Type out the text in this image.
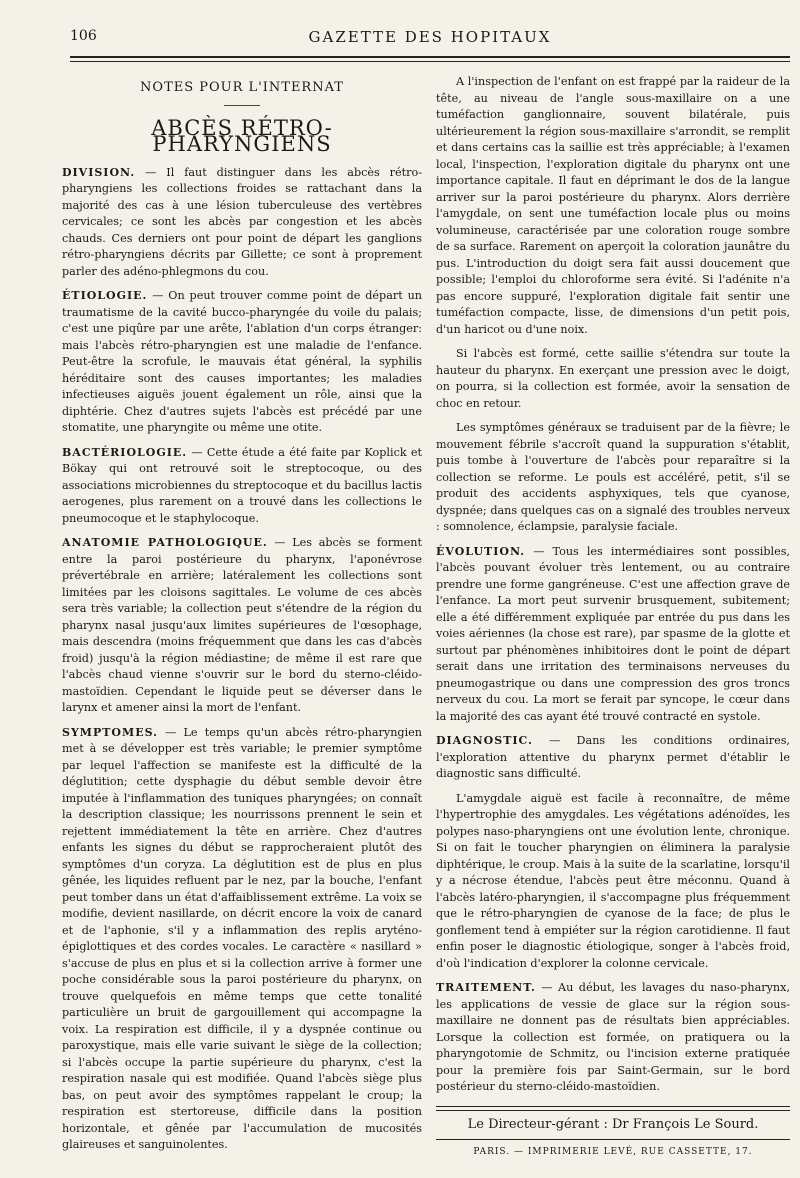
106	GAZETTE DES HOPITAUX
NOTES POUR L'INTERNAT
ABCÈS RÉTRO-PHARYNGIENS

DIVISION. — Il faut distinguer dans les abcès rétro-pharyngiens les collections froides se rattachant dans la majorité des cas à une lésion tuberculeuse des vertèbres cervicales; ce sont les abcès par congestion et les abcès chauds. Ces derniers ont pour point de départ les ganglions rétro-pharyngiens décrits par Gillette; ce sont à proprement parler des adéno-phlegmons du cou.

ÉTIOLOGIE. — On peut trouver comme point de départ un traumatisme de la cavité bucco-pharyngée du voile du palais; c'est une piqûre par une arête, l'ablation d'un corps étranger: mais l'abcès rétro-pharyngien est une maladie de l'enfance. Peut-être la scrofule, le mauvais état général, la syphilis héréditaire sont des causes importantes; les maladies infectieuses aiguës jouent également un rôle, ainsi que la diphtérie. Chez d'autres sujets l'abcès est précédé par une stomatite, une pharyngite ou même une otite.

BACTÉRIOLOGIE. — Cette étude a été faite par Koplick et Bökay qui ont retrouvé soit le streptocoque, ou des associations microbiennes du streptocoque et du bacillus lactis aerogenes, plus rarement on a trouvé dans les collections le pneumocoque et le staphylocoque.

ANATOMIE PATHOLOGIQUE. — Les abcès se forment entre la paroi postérieure du pharynx, l'aponévrose prévertébrale en arrière; latéralement les collections sont limitées par les cloisons sagittales. Le volume de ces abcès sera très variable; la collection peut s'étendre de la région du pharynx nasal jusqu'aux limites supérieures de l'œsophage, mais descendra (moins fréquemment que dans les cas d'abcès froid) jusqu'à la région médiastine; de même il est rare que l'abcès chaud vienne s'ouvrir sur le bord du sterno-cléido-mastoïdien. Cependant le liquide peut se déverser dans le larynx et amener ainsi la mort de l'enfant.

SYMPTOMES. — Le temps qu'un abcès rétro-pharyngien met à se développer est très variable; le premier symptôme par lequel l'affection se manifeste est la difficulté de la déglutition; cette dysphagie du début semble devoir être imputée à l'inflammation des tuniques pharyngées; on connaît la description classique; les nourrissons prennent le sein et rejettent immédiatement la tête en arrière. Chez d'autres enfants les signes du début se rapprocheraient plutôt des symptômes d'un coryza. La déglutition est de plus en plus gênée, les liquides refluent par le nez, par la bouche, l'enfant peut tomber dans un état d'affaiblissement extrême. La voix se modifie, devient nasillarde, on décrit encore la voix de canard et de l'aphonie, s'il y a inflammation des replis aryténo-épiglottiques et des cordes vocales. Le caractère « nasillard » s'accuse de plus en plus et si la collection arrive à former une poche considérable sous la paroi postérieure du pharynx, on trouve quelquefois en même temps que cette tonalité particulière un bruit de gargouillement qui accompagne la voix. La respiration est difficile, il y a dyspnée continue ou paroxystique, mais elle varie suivant le siège de la collection; si l'abcès occupe la partie supérieure du pharynx, c'est la respiration nasale qui est modifiée. Quand l'abcès siège plus bas, on peut avoir des symptômes rappelant le croup; la respiration est stertoreuse, difficile dans la position horizontale, et gênée par l'accumulation de mucosités glaireuses et sanguinolentes.

A l'inspection de l'enfant on est frappé par la raideur de la tête, au niveau de l'angle sous-maxillaire on a une tuméfaction ganglionnaire, souvent bilatérale, puis ultérieurement la région sous-maxillaire s'arrondit, se remplit et dans certains cas la saillie est très appréciable; à l'examen local, l'inspection, l'exploration digitale du pharynx ont une importance capitale. Il faut en déprimant le dos de la langue arriver sur la paroi postérieure du pharynx. Alors derrière l'amygdale, on sent une tuméfaction locale plus ou moins volumineuse, caractérisée par une coloration rouge sombre de sa surface. Rarement on aperçoit la coloration jaunâtre du pus. L'introduction du doigt sera fait aussi doucement que possible; l'emploi du chloroforme sera évité. Si l'adénite n'a pas encore suppuré, l'exploration digitale fait sentir une tuméfaction compacte, lisse, de dimensions d'un petit pois, d'un haricot ou d'une noix.

Si l'abcès est formé, cette saillie s'étendra sur toute la hauteur du pharynx. En exerçant une pression avec le doigt, on pourra, si la collection est formée, avoir la sensation de choc en retour.

Les symptômes généraux se traduisent par de la fièvre; le mouvement fébrile s'accroît quand la suppuration s'établit, puis tombe à l'ouverture de l'abcès pour reparaître si la collection se reforme. Le pouls est accéléré, petit, s'il se produit des accidents asphyxiques, tels que cyanose, dyspnée; dans quelques cas on a signalé des troubles nerveux : somnolence, éclampsie, paralysie faciale.

ÉVOLUTION. — Tous les intermédiaires sont possibles, l'abcès pouvant évoluer très lentement, ou au contraire prendre une forme gangréneuse. C'est une affection grave de l'enfance. La mort peut survenir brusquement, subitement; elle a été différemment expliquée par entrée du pus dans les voies aériennes (la chose est rare), par spasme de la glotte et surtout par phénomènes inhibitoires dont le point de départ serait dans une irritation des terminaisons nerveuses du pneumogastrique ou dans une compression des gros troncs nerveux du cou. La mort se ferait par syncope, le cœur dans la majorité des cas ayant été trouvé contracté en systole.

DIAGNOSTIC. — Dans les conditions ordinaires, l'exploration attentive du pharynx permet d'établir le diagnostic sans difficulté.

L'amygdale aiguë est facile à reconnaître, de même l'hypertrophie des amygdales. Les végétations adénoïdes, les polypes naso-pharyngiens ont une évolution lente, chronique. Si on fait le toucher pharyngien on éliminera la paralysie diphtérique, le croup. Mais à la suite de la scarlatine, lorsqu'il y a nécrose étendue, l'abcès peut être méconnu. Quand à l'abcès latéro-pharyngien, il s'accompagne plus fréquemment que le rétro-pharyngien de cyanose de la face; de plus le gonflement tend à empiéter sur la région carotidienne. Il faut enfin poser le diagnostic étiologique, songer à l'abcès froid, d'où l'indication d'explorer la colonne cervicale.

TRAITEMENT. — Au début, les lavages du naso-pharynx, les applications de vessie de glace sur la région sous-maxillaire ne donnent pas de résultats bien appréciables. Lorsque la collection est formée, on pratiquera ou la pharyngotomie de Schmitz, ou l'incision externe pratiquée pour la première fois par Saint-Germain, sur le bord postérieur du sterno-cléido-mastoïdien.

Le Directeur-gérant : Dr François Le Sourd.
PARIS. — IMPRIMERIE LEVÉ, RUE CASSETTE, 17.
